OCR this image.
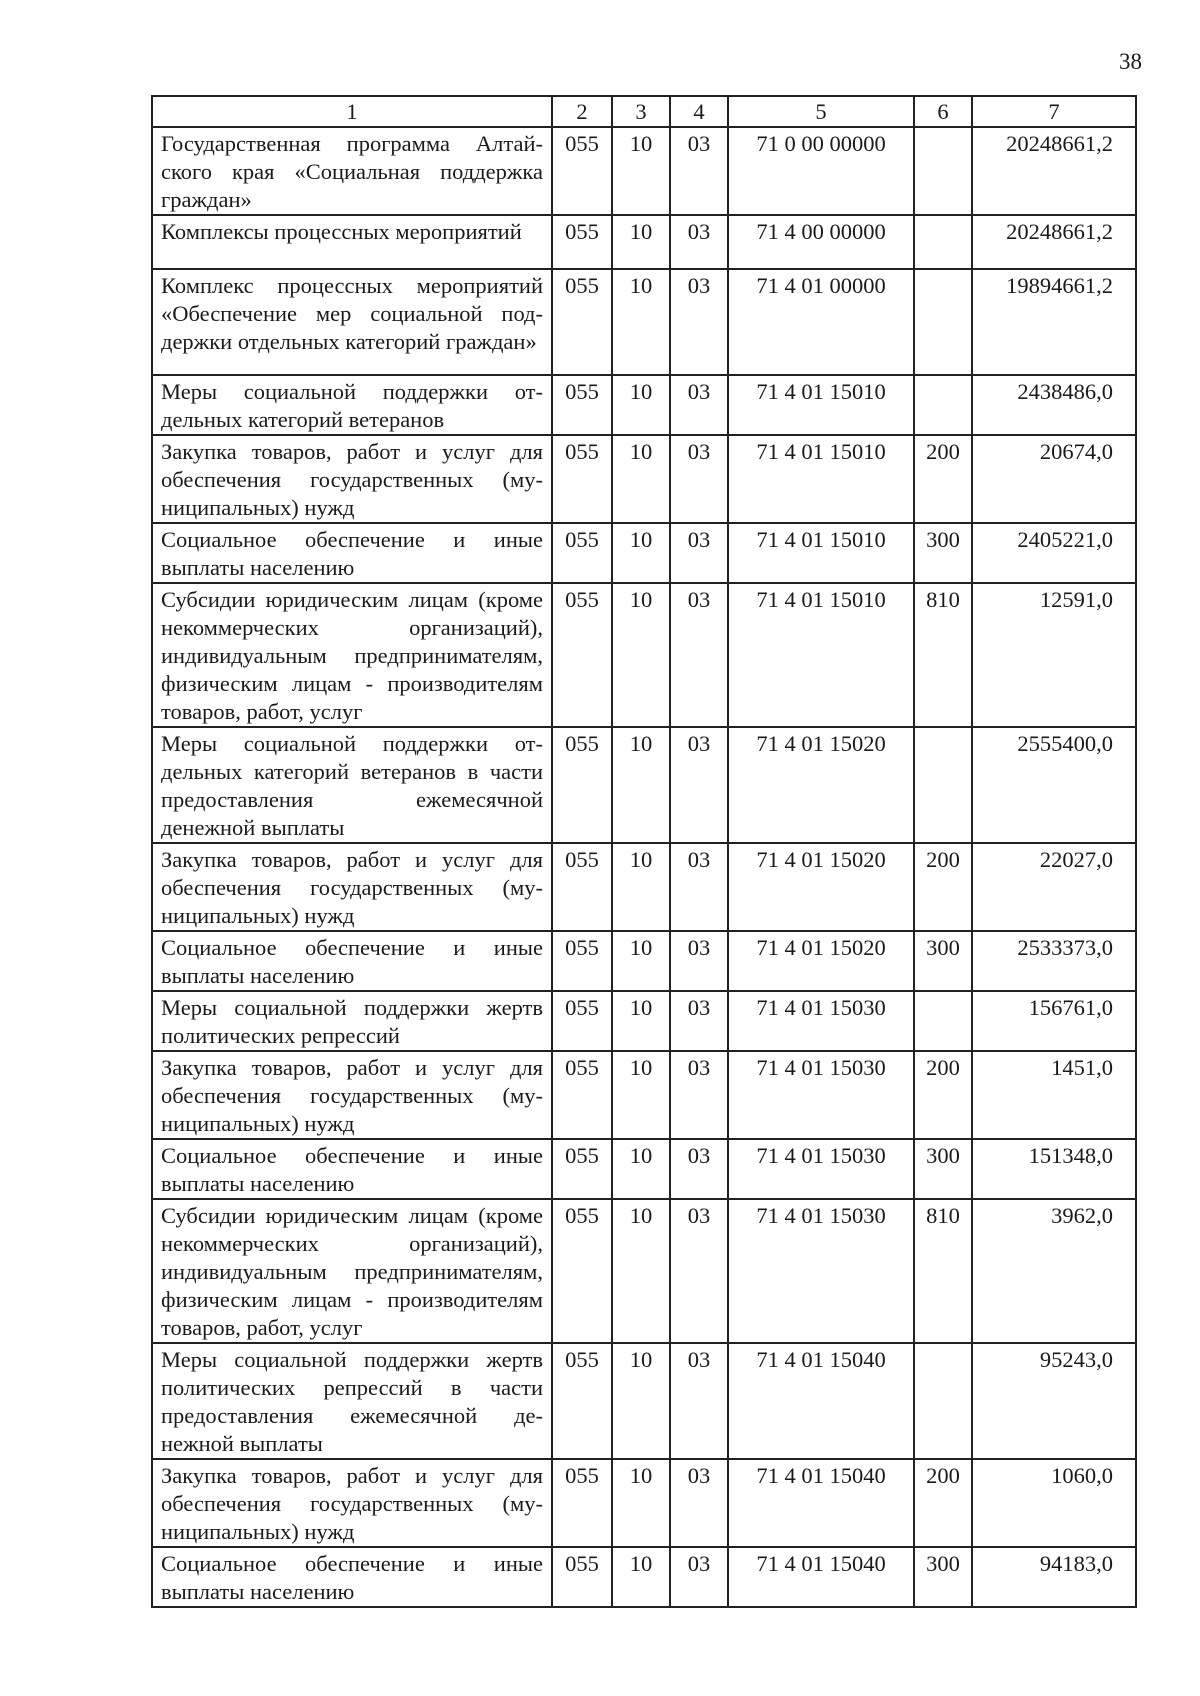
38
1	2	3	4	5	6	7
Государственная программа Алтайского края «Социальная поддержка граждан»	055	10	03	71 0 00 00000		20248661,2
Комплексы процессных мероприятий	055	10	03	71 4 00 00000		20248661,2
Комплекс процессных мероприятий «Обеспечение мер социальной поддержки отдельных категорий граждан»	055	10	03	71 4 01 00000		19894661,2
Меры социальной поддержки отдельных категорий ветеранов	055	10	03	71 4 01 15010		2438486,0
Закупка товаров, работ и услуг для обеспечения государственных (муниципальных) нужд	055	10	03	71 4 01 15010	200	20674,0
Социальное обеспечение и иные выплаты населению	055	10	03	71 4 01 15010	300	2405221,0
Субсидии юридическим лицам (кроме некоммерческих организаций), индивидуальным предпринимателям, физическим лицам - производителям товаров, работ, услуг	055	10	03	71 4 01 15010	810	12591,0
Меры социальной поддержки отдельных категорий ветеранов в части предоставления ежемесячной денежной выплаты	055	10	03	71 4 01 15020		2555400,0
Закупка товаров, работ и услуг для обеспечения государственных (муниципальных) нужд	055	10	03	71 4 01 15020	200	22027,0
Социальное обеспечение и иные выплаты населению	055	10	03	71 4 01 15020	300	2533373,0
Меры социальной поддержки жертв политических репрессий	055	10	03	71 4 01 15030		156761,0
Закупка товаров, работ и услуг для обеспечения государственных (муниципальных) нужд	055	10	03	71 4 01 15030	200	1451,0
Социальное обеспечение и иные выплаты населению	055	10	03	71 4 01 15030	300	151348,0
Субсидии юридическим лицам (кроме некоммерческих организаций), индивидуальным предпринимателям, физическим лицам - производителям товаров, работ, услуг	055	10	03	71 4 01 15030	810	3962,0
Меры социальной поддержки жертв политических репрессий в части предоставления ежемесячной денежной выплаты	055	10	03	71 4 01 15040		95243,0
Закупка товаров, работ и услуг для обеспечения государственных (муниципальных) нужд	055	10	03	71 4 01 15040	200	1060,0
Социальное обеспечение и иные выплаты населению	055	10	03	71 4 01 15040	300	94183,0
